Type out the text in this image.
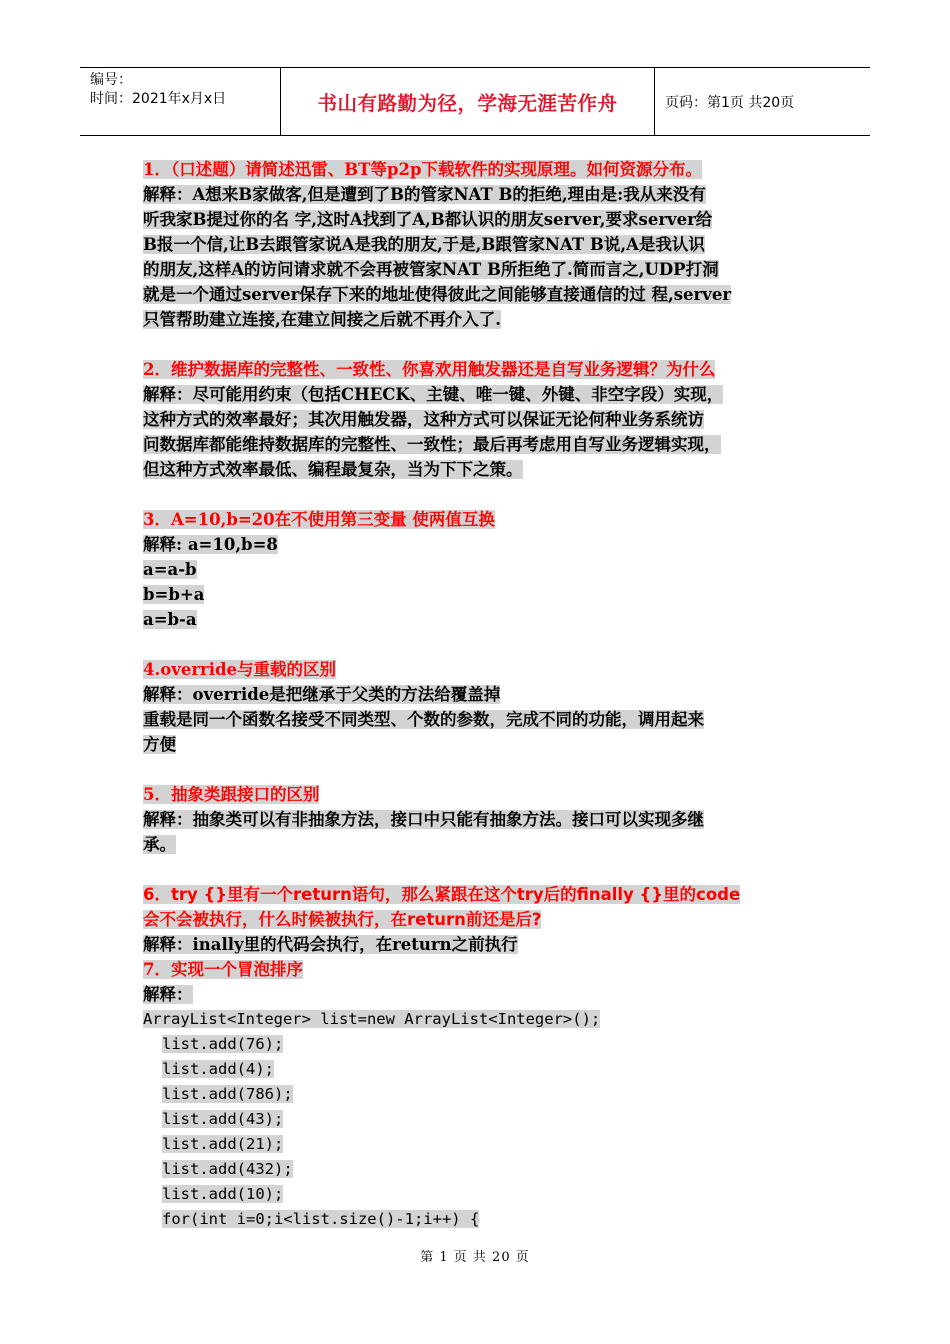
编号：
时间：2021年x月x日	书山有路勤为径，学海无涯苦作舟	页码：第1页 共20页
1．（口述题）请简述迅雷、BT等p2p下载软件的实现原理。如何资源分布。
解释：A想来B家做客,但是遭到了B的管家NAT B的拒绝,理由是:我从来没有
听我家B提过你的名 字,这时A找到了A,B都认识的朋友server,要求server给
B报一个信,让B去跟管家说A是我的朋友,于是,B跟管家NAT B说,A是我认识
的朋友,这样A的访问请求就不会再被管家NAT B所拒绝了.简而言之,UDP打洞
就是一个通过server保存下来的地址使得彼此之间能够直接通信的过 程,server
只管帮助建立连接,在建立间接之后就不再介入了.
2．维护数据库的完整性、一致性、你喜欢用触发器还是自写业务逻辑？为什么
解释：尽可能用约束（包括CHECK、主键、唯一键、外键、非空字段）实现，
这种方式的效率最好；其次用触发器，这种方式可以保证无论何种业务系统访
问数据库都能维持数据库的完整性、一致性；最后再考虑用自写业务逻辑实现，
但这种方式效率最低、编程最复杂，当为下下之策。
3．A=10,b=20在不使用第三变量 使两值互换
解释: a=10,b=8
a=a-b
b=b+a
a=b-a
4.override与重载的区别
解释：override是把继承于父类的方法给覆盖掉
重载是同一个函数名接受不同类型、个数的参数，完成不同的功能，调用起来
方便
5．抽象类跟接口的区别
解释：抽象类可以有非抽象方法，接口中只能有抽象方法。接口可以实现多继
承。
6．try {}里有一个return语句，那么紧跟在这个try后的finally {}里的code
会不会被执行，什么时候被执行，在return前还是后?
解释：inally里的代码会执行，在return之前执行
7．实现一个冒泡排序
解释：
ArrayList<Integer> list=new ArrayList<Integer>();
list.add(76);
list.add(4);
list.add(786);
list.add(43);
list.add(21);
list.add(432);
list.add(10);
for(int i=0;i<list.size()-1;i++) {
第 1 页 共 20 页
